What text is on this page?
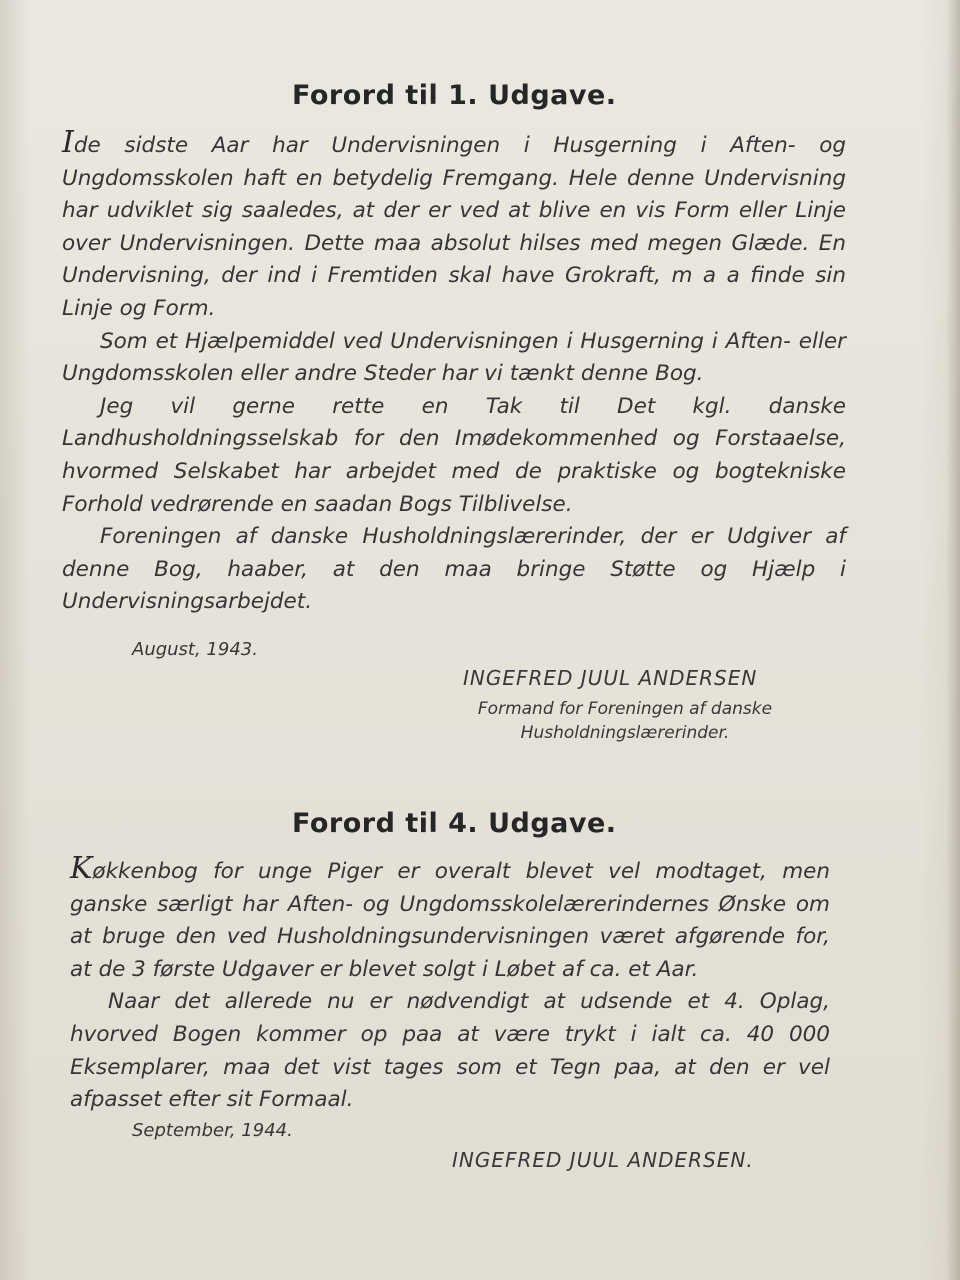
Forord til 1. Udgave.

Ide sidste Aar har Undervisningen i Husgerning i Aften- og Ungdomsskolen haft en betydelig Fremgang. Hele denne Undervisning har udviklet sig saaledes, at der er ved at blive en vis Form eller Linje over Undervisningen. Dette maa absolut hilses med megen Glæde. En Undervisning, der ind i Fremtiden skal have Grokraft, m a a finde sin Linje og Form.

Som et Hjælpemiddel ved Undervisningen i Husgerning i Aften- eller Ungdomsskolen eller andre Steder har vi tænkt denne Bog.

Jeg vil gerne rette en Tak til Det kgl. danske Landhusholdningsselskab for den Imødekommenhed og Forstaaelse, hvormed Selskabet har arbejdet med de praktiske og bogtekniske Forhold vedrørende en saadan Bogs Tilblivelse.

Foreningen af danske Husholdningslærerinder, der er Udgiver af denne Bog, haaber, at den maa bringe Støtte og Hjælp i Undervisningsarbejdet.

August, 1943.
INGEFRED JUUL ANDERSEN
Formand for Foreningen af danske
Husholdningslærerinder.
Forord til 4. Udgave.

Køkkenbog for unge Piger er overalt blevet vel modtaget, men ganske særligt har Aften- og Ungdomsskolelærerindernes Ønske om at bruge den ved Husholdningsundervisningen været afgørende for, at de 3 første Udgaver er blevet solgt i Løbet af ca. et Aar.

Naar det allerede nu er nødvendigt at udsende et 4. Oplag, hvorved Bogen kommer op paa at være trykt i ialt ca. 40 000 Eksemplarer, maa det vist tages som et Tegn paa, at den er vel afpasset efter sit Formaal.

September, 1944.
INGEFRED JUUL ANDERSEN.
